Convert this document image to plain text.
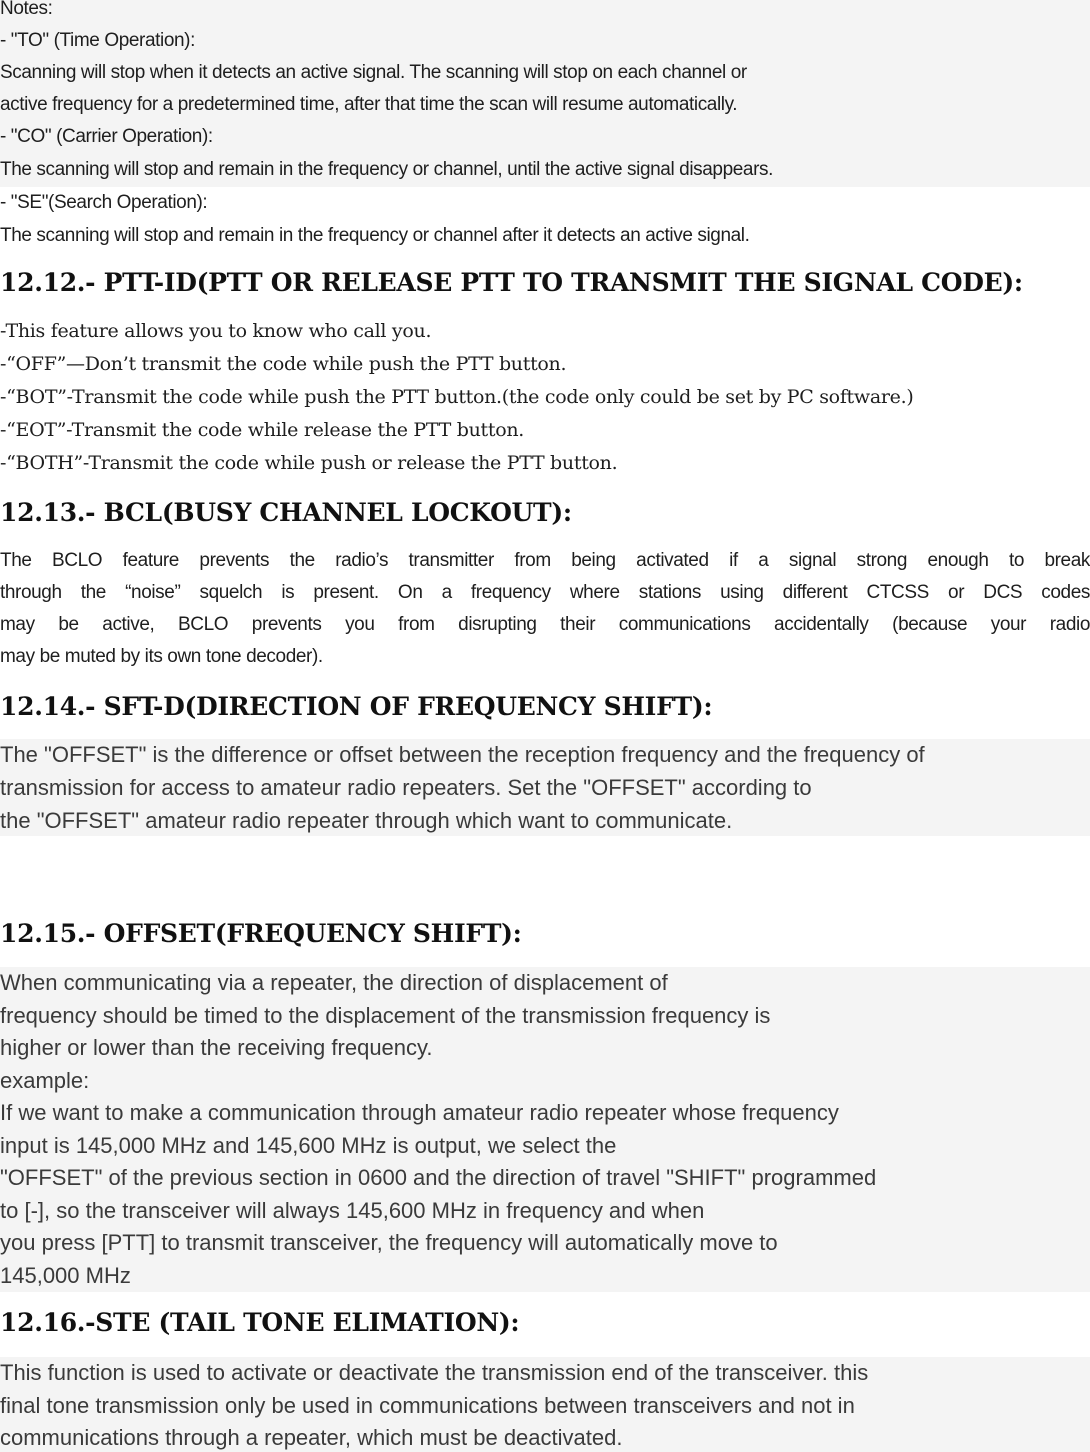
Notes:
- "TO" (Time Operation):
Scanning will stop when it detects an active signal. The scanning will stop on each channel or
active frequency for a predetermined time, after that time the scan will resume automatically.
- "CO" (Carrier Operation):
The scanning will stop and remain in the frequency or channel, until the active signal disappears.
- "SE"(Search Operation):
The scanning will stop and remain in the frequency or channel after it detects an active signal.
12.12.- PTT-ID(PTT OR RELEASE PTT TO TRANSMIT THE SIGNAL CODE):
-This feature allows you to know who call you.
-“OFF”—Don’t transmit the code while push the PTT button.
-“BOT”-Transmit the code while push the PTT button.(the code only could be set by PC software.)
-“EOT”-Transmit the code while release the PTT button.
-“BOTH”-Transmit the code while push or release the PTT button.
12.13.- BCL(BUSY CHANNEL LOCKOUT):
The BCLO feature prevents the radio’s transmitter from being activated if a signal strong enough to break
through the “noise” squelch is present. On a frequency where stations using different CTCSS or DCS codes
may be active, BCLO prevents you from disrupting their communications accidentally (because your radio
may be muted by its own tone decoder).
12.14.- SFT-D(DIRECTION OF FREQUENCY SHIFT):
The "OFFSET" is the difference or offset between the reception frequency and the frequency of
transmission for access to amateur radio repeaters. Set the "OFFSET" according to
the "OFFSET" amateur radio repeater through which want to communicate.
12.15.- OFFSET(FREQUENCY SHIFT):
When communicating via a repeater, the direction of displacement of
frequency should be timed to the displacement of the transmission frequency is
higher or lower than the receiving frequency.
example:
If we want to make a communication through amateur radio repeater whose frequency
input is 145,000 MHz and 145,600 MHz is output, we select the
"OFFSET" of the previous section in 0600 and the direction of travel "SHIFT" programmed
to [-], so the transceiver will always 145,600 MHz in frequency and when
you press [PTT] to transmit transceiver, the frequency will automatically move to
145,000 MHz
12.16.-STE (TAIL TONE ELIMATION):
This function is used to activate or deactivate the transmission end of the transceiver. this
final tone transmission only be used in communications between transceivers and not in
communications through a repeater, which must be deactivated.
